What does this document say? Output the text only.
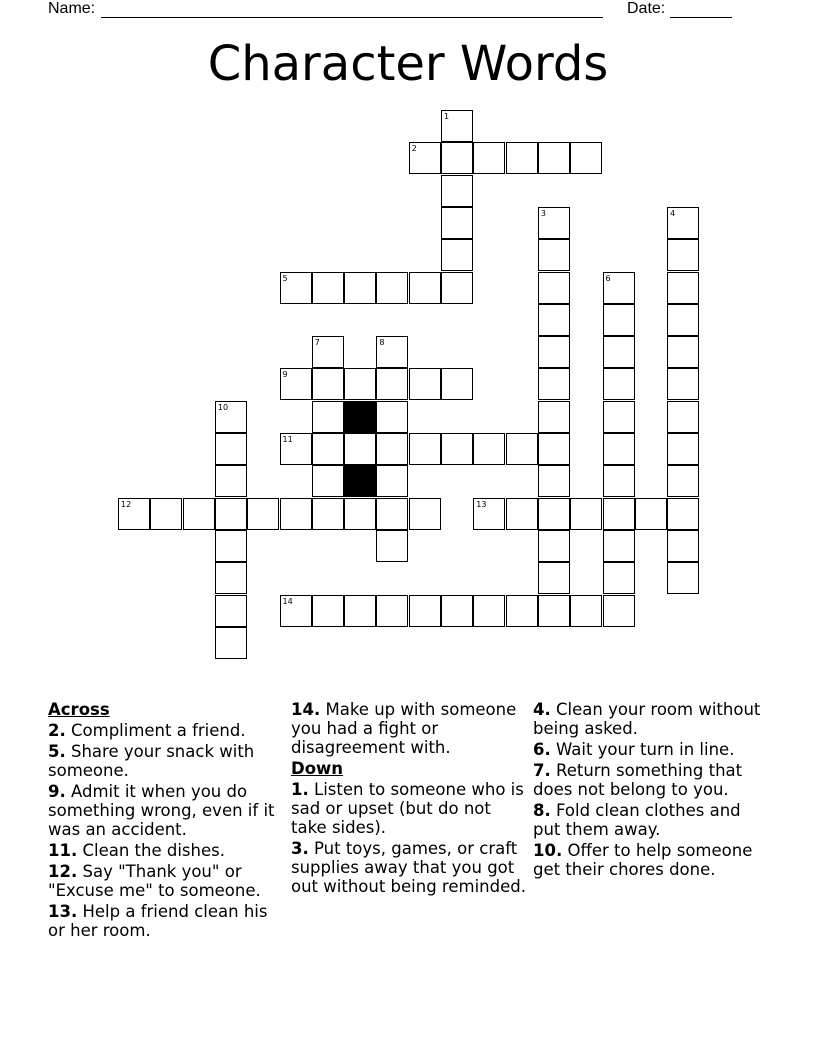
Name:	Date:
Character Words
2
1
5
3	4
6
9
7	8
10
11
12	13
14
Across
2. Compliment a friend.
5. Share your snack with someone.
9. Admit it when you do something wrong, even if it was an accident.
11. Clean the dishes.
12. Say "Thank you" or "Excuse me" to someone.
13. Help a friend clean his or her room.
14. Make up with someone you had a fight or disagreement with.
Down
1. Listen to someone who is sad or upset (but do not take sides).
3. Put toys, games, or craft supplies away that you got out without being reminded.
4. Clean your room without being asked.
6. Wait your turn in line.
7. Return something that does not belong to you.
8. Fold clean clothes and put them away.
10. Offer to help someone get their chores done.
